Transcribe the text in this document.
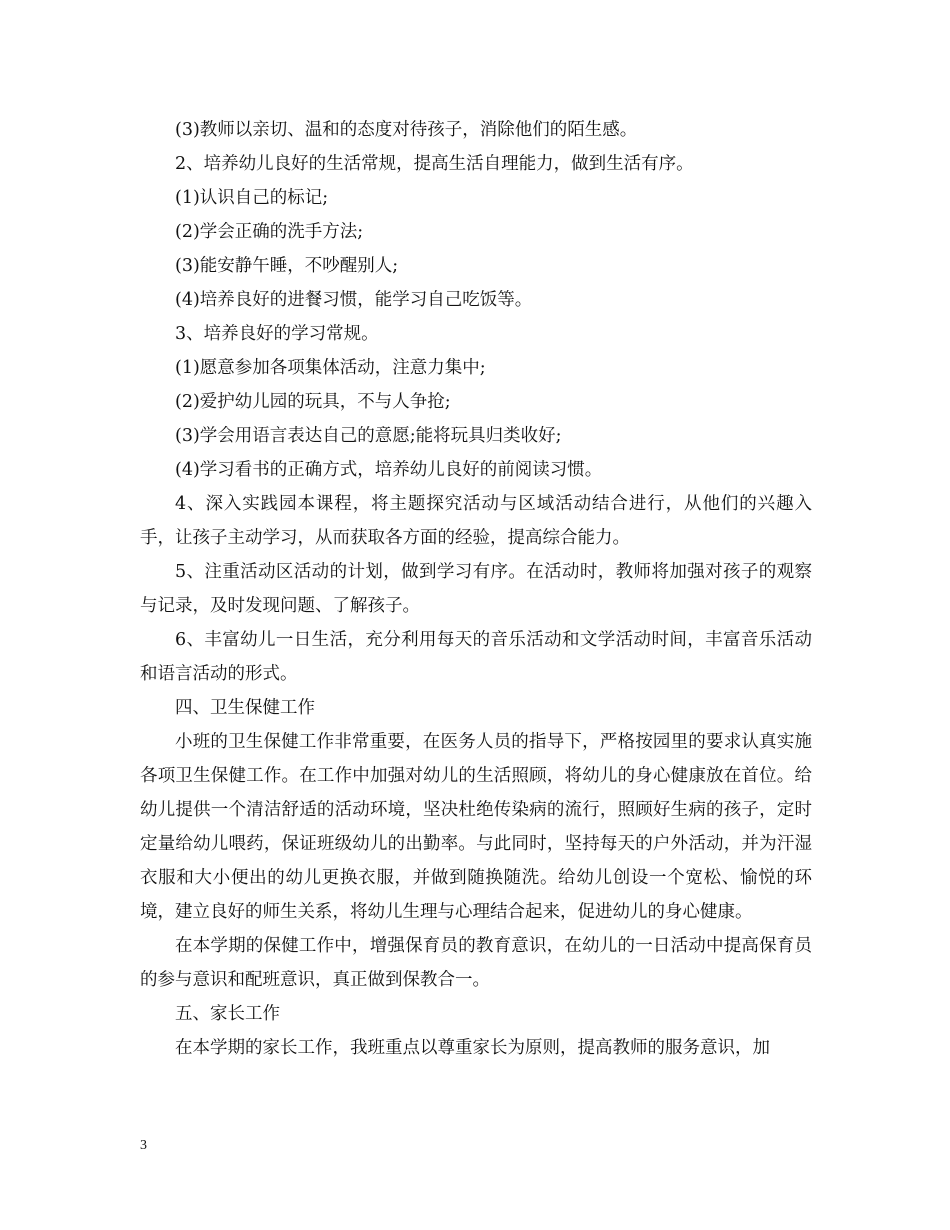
(3)教师以亲切、温和的态度对待孩子，消除他们的陌生感。

2、培养幼儿良好的生活常规，提高生活自理能力，做到生活有序。

(1)认识自己的标记;

(2)学会正确的洗手方法;

(3)能安静午睡，不吵醒别人;

(4)培养良好的进餐习惯，能学习自己吃饭等。

3、培养良好的学习常规。

(1)愿意参加各项集体活动，注意力集中;

(2)爱护幼儿园的玩具，不与人争抢;

(3)学会用语言表达自己的意愿;能将玩具归类收好;

(4)学习看书的正确方式，培养幼儿良好的前阅读习惯。

4、深入实践园本课程，将主题探究活动与区域活动结合进行，从他们的兴趣入手，让孩子主动学习，从而获取各方面的经验，提高综合能力。

5、注重活动区活动的计划，做到学习有序。在活动时，教师将加强对孩子的观察与记录，及时发现问题、了解孩子。

6、丰富幼儿一日生活，充分利用每天的音乐活动和文学活动时间，丰富音乐活动和语言活动的形式。

四、卫生保健工作

小班的卫生保健工作非常重要，在医务人员的指导下，严格按园里的要求认真实施各项卫生保健工作。在工作中加强对幼儿的生活照顾，将幼儿的身心健康放在首位。给幼儿提供一个清洁舒适的活动环境，坚决杜绝传染病的流行，照顾好生病的孩子，定时定量给幼儿喂药，保证班级幼儿的出勤率。与此同时，坚持每天的户外活动，并为汗湿衣服和大小便出的幼儿更换衣服，并做到随换随洗。给幼儿创设一个宽松、愉悦的环境，建立良好的师生关系，将幼儿生理与心理结合起来，促进幼儿的身心健康。

在本学期的保健工作中，增强保育员的教育意识，在幼儿的一日活动中提高保育员的参与意识和配班意识，真正做到保教合一。

五、家长工作

在本学期的家长工作，我班重点以尊重家长为原则，提高教师的服务意识，加

3
